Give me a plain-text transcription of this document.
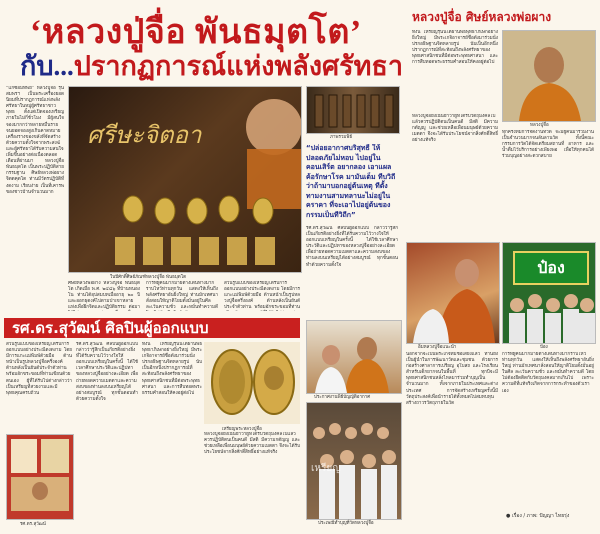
‘หลวงปู่จื่อ พันธมุตโต’
กับ...ปรากฏการณ์แห่งพลังศรัทธา
หลวงปู่จื่อ ศิษย์หลวงพ่อผาง
“แก่ซ้อมทิพย์” หลวงปู่จื่อ รุ่น สมพรฯ เป็นพระเครื่องยอดนิยมที่ปรากฏการณ์แห่งพลังศรัทธาในหมู่ผู้ศรัทธาชาวพุทธ ตั้งแต่เปิดจองเหรียญภายในไม่กี่ชั่วโมง มีผู้สนใจจองมากกว่าหลายหมื่นราย จนยอดจองสูงเกินคาดหมาย เครื่องรางของขลังที่จัดสร้างด้วยความตั้งใจจากพระสงฆ์และผู้ศรัทธาได้รับความสนใจเพิ่มขึ้นอย่างต่อเนื่องตลอดเดือนที่ผ่านมา หลวงปู่จื่อ พันธมุตโต เป็นพระปฏิบัติสายกรรมฐาน ศิษย์หลวงพ่อผาง จิตตคุตโต ท่านมีวัตรปฏิบัติที่งดงาม เรียบง่าย เป็นที่เคารพของชาวบ้านจำนวนมาก
ศรีษะจิตอา
ในปีศักดิ์ศิษย์ภัณฑ์หลวงปู่จื่อ พันธมุตโต
ศิษย์หลวงพ่อผาง หลวงปู่จื่อ พันธมุตโต เกิดเมื่อ พ.ศ. ๒๔๘๖ ที่บ้านหนองโน ท่านได้อุปสมบทเมื่ออายุ ๒๐ ปี และออกธุดงค์ไปตามป่าเขาหลายแห่งเพื่อฝึกจิตและปฏิบัติธรรม ต่อมา
การที่ผู้คนมากมายต่างเดินทางมากราบไหว้ท่านทุกวัน แสดงให้เห็นถึงพลังศรัทธาอันยิ่งใหญ่ ท่านมักเทศนาสั่งสอนให้ญาติโยมตั้งมั่นอยู่ในศีล ละเว้นความชั่ว และหมั่นทำความดี
ส่วนรูปแบบของเหรียญได้รับการออกแบบอย่างประณีตงดงาม โดยมีการแกะแม่พิมพ์ด้วยมือ ด้านหน้าเป็นรูปหลวงปู่จื่อครึ่งองค์ ด้านหลังเป็นยันต์ประจำตัวท่าน พร้อมอักขระขอมที่ท่าน
ภาพรวมพิธี
“ปล่อยอากาศบริสุทธิ์ ให้ปลอดภัยไม่หอบ ไปอยู่ในคอนเสิร์ต อยากลอง เอาแผลค้อรักษาโรค มามันเต็ม ทีบวิถีว่าถ้ามาบอกอยู่ต้นเหตุ ทีตั้งทามงานสามทลานะไม่อยู่ในคราคา ที่จะเอาไปอยู่ต้นของกรรมเป็นทีวิถีก”
รศ.ดร.สุวัฒน์ ศิลปินผู้ออกแบบ กล่าวว่ารู้สึกเป็นเกียรติอย่างยิ่งที่ได้รับความไว้วางใจให้ออกแบบเหรียญในครั้งนี้ ได้ใช้เวลาศึกษาประวัติและปฏิปทาของหลวงปู่จื่ออย่างละเอียด เพื่อถ่ายทอดความเมตตาและความสงบของท่านลงบนเหรียญได้อย่างสมบูรณ์ ทุกขั้นตอนทำด้วยความตั้งใจ
ทั้งนี้ เหรียญรุ่นนี้ได้ผ่านพิธีพุทธาภิเษกอย่างยิ่งใหญ่ มีพระเกจิอาจารย์ชื่อดังมาร่วมนั่งปรกอธิษฐานจิตหลายรูป นับเป็นอีกหนึ่งปรากฏการณ์ที่สะท้อนถึงพลังศรัทธาของพุทธศาสนิกชนที่มีต่อพระพุทธศาสนา และการสืบทอดพระธรรมคำสอนให้คงอยู่ต่อไป
หลวงปู่จื่อ
หลวงปู่จื่อยังเน้นย้ำว่าผู้ที่ได้รับวัตถุมงคลไปแล้วควรปฏิบัติตนเป็นคนดี มีสติ มีความกตัญญู และช่วยเหลือเพื่อนมนุษย์ด้วยความเมตตา จึงจะได้รับประโยชน์จากสิ่งศักดิ์สิทธิ์อย่างแท้จริง
ทุกครั้งที่มีการจัดงานที่วัด จะมีผู้คนมาร่วมงานเป็นจำนวนมากจนล้นลานวัด ทั้งนี้คณะกรรมการวัดได้จัดเตรียมสถานที่ อาหาร และน้ำดื่มไว้บริการอย่างเพียงพอ เพื่อให้ทุกคนได้ร่วมบุญอย่างสะดวกสบาย
อิ่มหลวงปู่จื่อแนะนำ
ป๋อง
ป้อง
ประกาศงานพิธีบัญญัติอากาศ
เหรียญ
ประเพณีทำบุญที่วัดหลวงปู่จื่อ
นอกจากจะเป็นพระเกจิที่มีชื่อเสียงแล้ว ท่านยังเป็นผู้นำในการพัฒนาวัดและชุมชน ด้วยการก่อสร้างศาลาการเปรียญ อุโบสถ และโรงเรียนสำหรับเด็กยากจนในพื้นที่ ทุกปีจะมีพุทธศาสนิกชนหลั่งไหลมาร่วมทำบุญเป็นจำนวนมาก ทั้งจากภายในประเทศและต่างประเทศ การจัดสร้างเหรียญครั้งนี้มีวัตถุประสงค์เพื่อนำรายได้ทั้งหมดไปสมทบทุนสร้างถาวรวัตถุภายในวัด
การที่ผู้คนมากมายต่างเดินทางมากราบไหว้ท่านทุกวัน แสดงให้เห็นถึงพลังศรัทธาอันยิ่งใหญ่ ท่านมักเทศนาสั่งสอนให้ญาติโยมตั้งมั่นอยู่ในศีล ละเว้นความชั่ว และหมั่นทำความดี โดยไม่ต้องยึดติดกับวัตถุมงคลมากเกินไป เพราะความดีที่แท้จริงเกิดจากการกระทำของตัวเราเอง
● เรื่อง / ภาพ: ปัญญา ไทยรุ่ง
รศ.ดร.สุวัฒน์ ศิลปินผู้ออกแบบ
ส่วนรูปแบบของเหรียญได้รับการออกแบบอย่างประณีตงดงาม โดยมีการแกะแม่พิมพ์ด้วยมือ ด้านหน้าเป็นรูปหลวงปู่จื่อครึ่งองค์ ด้านหลังเป็นยันต์ประจำตัวท่าน พร้อมอักขระขอมที่ท่านเขียนด้วยตนเอง ผู้ที่ได้รับไปต่างกล่าวว่าเป็นเหรียญที่สวยงามและมีพุทธคุณครบถ้วน
รศ.ดร.สุวัฒน์ ศิลปินผู้ออกแบบ กล่าวว่ารู้สึกเป็นเกียรติอย่างยิ่งที่ได้รับความไว้วางใจให้ออกแบบเหรียญในครั้งนี้ ได้ใช้เวลาศึกษาประวัติและปฏิปทาของหลวงปู่จื่ออย่างละเอียด เพื่อถ่ายทอดความเมตตาและความสงบของท่านลงบนเหรียญได้อย่างสมบูรณ์ ทุกขั้นตอนทำด้วยความตั้งใจ
ทั้งนี้ เหรียญรุ่นนี้ได้ผ่านพิธีพุทธาภิเษกอย่างยิ่งใหญ่ มีพระเกจิอาจารย์ชื่อดังมาร่วมนั่งปรกอธิษฐานจิตหลายรูป นับเป็นอีกหนึ่งปรากฏการณ์ที่สะท้อนถึงพลังศรัทธาของพุทธศาสนิกชนที่มีต่อพระพุทธศาสนา และการสืบทอดพระธรรมคำสอนให้คงอยู่ต่อไป
รศ.ดร.สุวัฒน์
เหรียญพระหลวงปู่จื่อ
หลวงปู่จื่อยังเน้นย้ำว่าผู้ที่ได้รับวัตถุมงคลไปแล้วควรปฏิบัติตนเป็นคนดี มีสติ มีความกตัญญู และช่วยเหลือเพื่อนมนุษย์ด้วยความเมตตา จึงจะได้รับประโยชน์จากสิ่งศักดิ์สิทธิ์อย่างแท้จริง
